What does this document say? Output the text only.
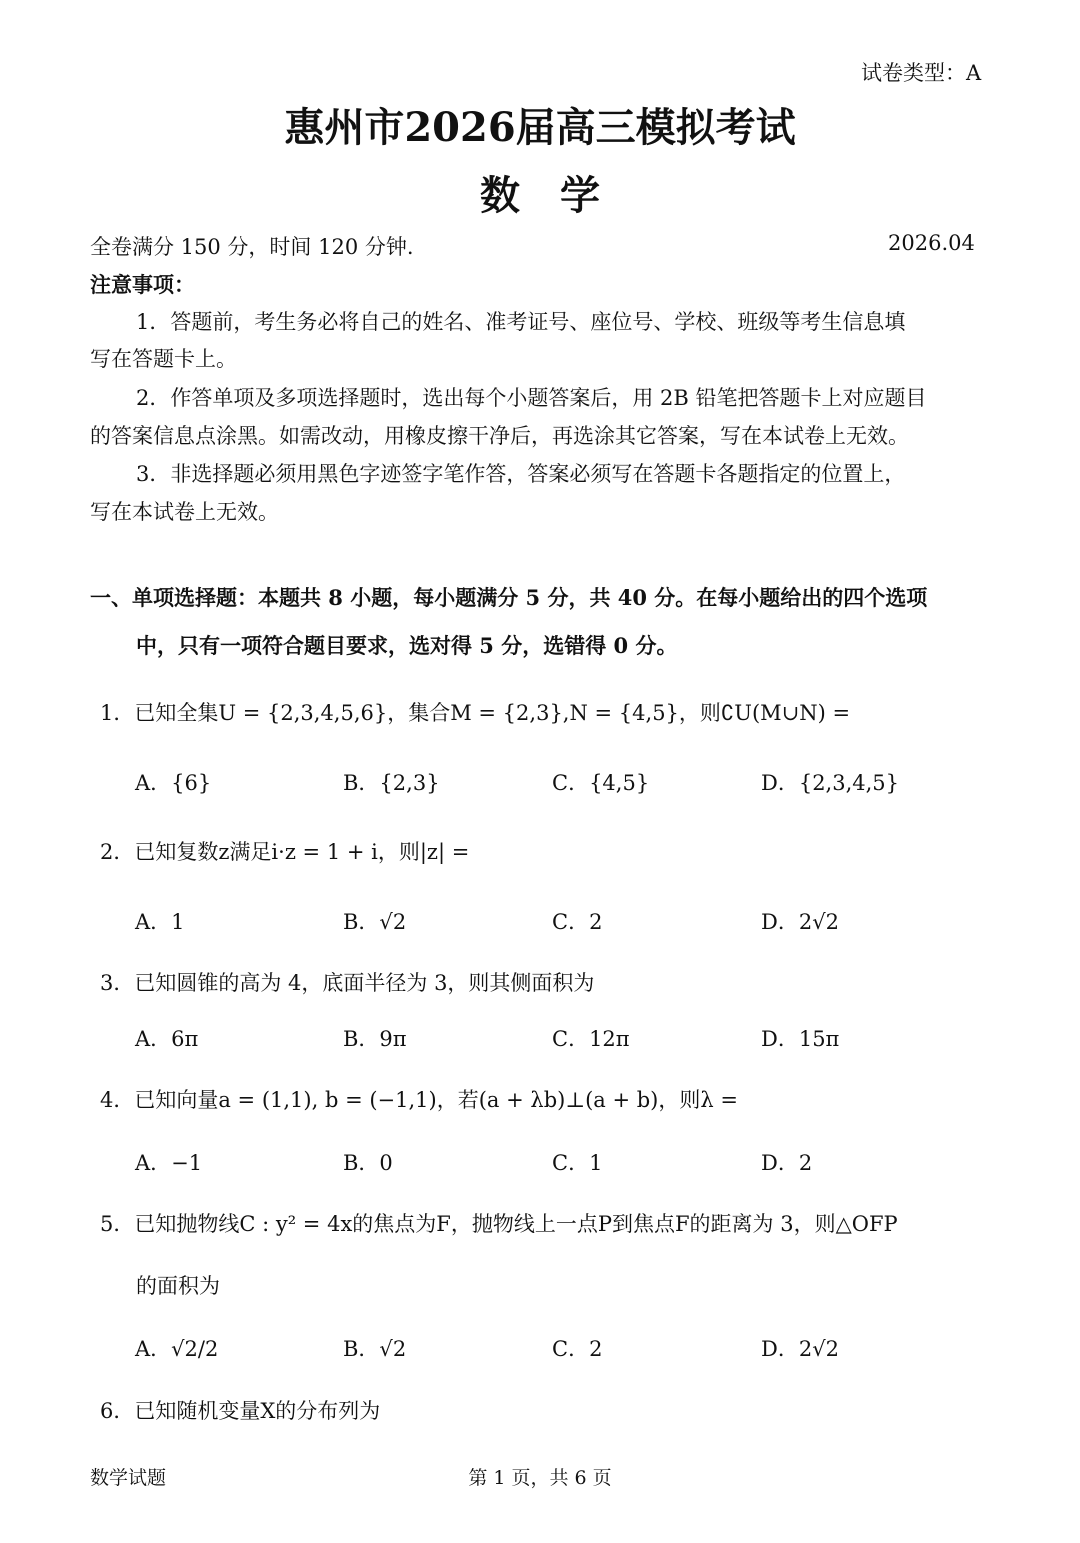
试卷类型：A
惠州市2026届高三模拟考试
数　学
全卷满分 150 分，时间 120 分钟.	2026.04
注意事项：
1．答题前，考生务必将自己的姓名、准考证号、座位号、学校、班级等考生信息填
写在答题卡上。
2．作答单项及多项选择题时，选出每个小题答案后，用 2B 铅笔把答题卡上对应题目
的答案信息点涂黑。如需改动，用橡皮擦干净后，再选涂其它答案，写在本试卷上无效。
3．非选择题必须用黑色字迹签字笔作答，答案必须写在答题卡各题指定的位置上，
写在本试卷上无效。
一、单项选择题：本题共 8 小题，每小题满分 5 分，共 40 分。在每小题给出的四个选项
中，只有一项符合题目要求，选对得 5 分，选错得 0 分。
1．已知全集U = {2,3,4,5,6}，集合M = {2,3},N = {4,5}，则∁U(M∪N) =
A．{6}	B．{2,3}	C．{4,5}	D．{2,3,4,5}
2．已知复数z满足i·z = 1 + i，则|z| =
A．1	B．√2	C．2	D．2√2
3．已知圆锥的高为 4，底面半径为 3，则其侧面积为
A．6π	B．9π	C．12π	D．15π
4．已知向量a = (1,1), b = (−1,1)，若(a + λb)⊥(a + b)，则λ =
A．−1	B．0	C．1	D．2
5．已知抛物线C : y² = 4x的焦点为F，抛物线上一点P到焦点F的距离为 3，则△OFP
的面积为
A．√2/2	B．√2	C．2	D．2√2
6．已知随机变量X的分布列为
数学试题	第 1 页，共 6 页
